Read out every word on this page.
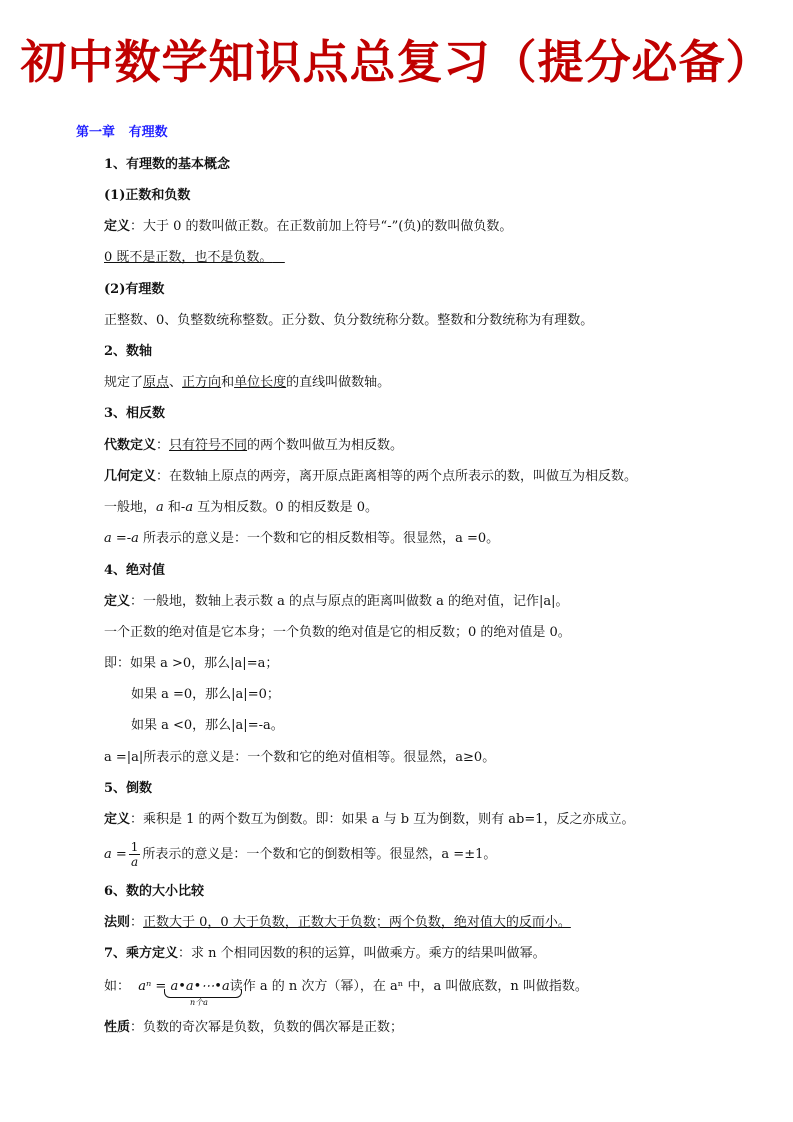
初中数学知识点总复习（提分必备）
第一章 有理数
1、有理数的基本概念
(1)正数和负数
定义：大于 0 的数叫做正数。在正数前加上符号“-”(负)的数叫做负数。
0 既不是正数，也不是负数。
(2)有理数
正整数、0、负整数统称整数。正分数、负分数统称分数。整数和分数统称为有理数。
2、数轴
规定了原点、正方向和单位长度的直线叫做数轴。
3、相反数
代数定义：只有符号不同的两个数叫做互为相反数。
几何定义：在数轴上原点的两旁，离开原点距离相等的两个点所表示的数，叫做互为相反数。
一般地，a 和-a 互为相反数。0 的相反数是 0。
a =-a 所表示的意义是：一个数和它的相反数相等。很显然，a =0。
4、绝对值
定义：一般地，数轴上表示数 a 的点与原点的距离叫做数 a 的绝对值，记作|a|。
一个正数的绝对值是它本身；一个负数的绝对值是它的相反数；0 的绝对值是 0。
即：如果 a >0，那么|a|=a；
如果 a =0，那么|a|=0；
如果 a <0，那么|a|=-a。
a =|a|所表示的意义是：一个数和它的绝对值相等。很显然，a≥0。
5、倒数
定义：乘积是 1 的两个数互为倒数。即：如果 a 与 b 互为倒数，则有 ab=1，反之亦成立。
$a = \frac{1}{a}$ 所表示的意义是：一个数和它的倒数相等。很显然，a =±1。
6、数的大小比较
法则：正数大于 0，0 大于负数，正数大于负数；两个负数，绝对值大的反而小。
7、乘方定义：求 n 个相同因数的积的运算，叫做乘方。乘方的结果叫做幂。
如： aⁿ = a•a•⋯•a读作 a 的 n 次方（幂），在 aⁿ 中，a 叫做底数，n 叫做指数。
n个a
性质：负数的奇次幂是负数，负数的偶次幂是正数；
